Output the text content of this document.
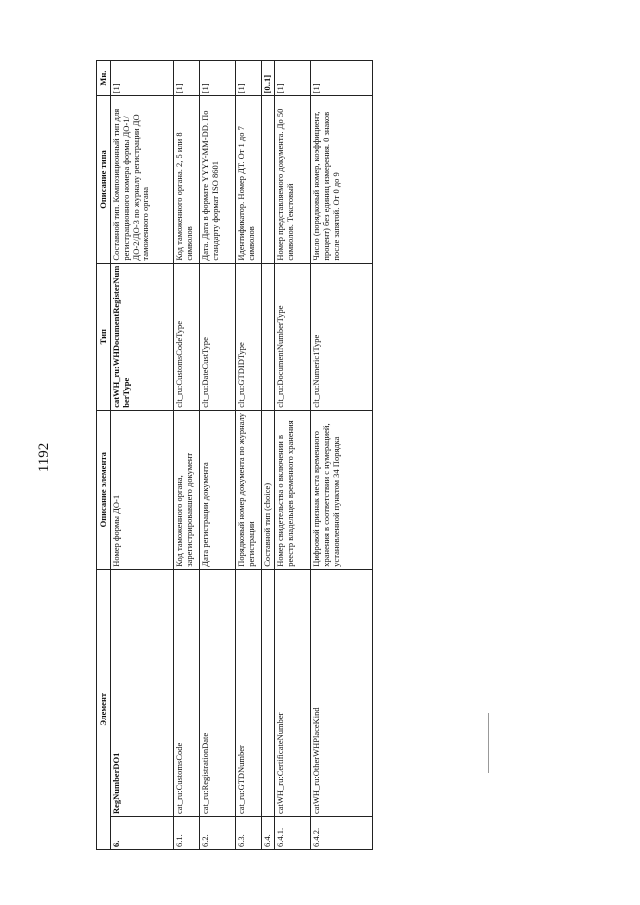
1192
Элемент		Описание элемента	Тип	Описание типа	Мн.
6.	RegNumberDO1	Номер формы ДО-1	catWH_ru:WHDocumentRegisterNumberType	Составной тип. Композиционный тип для регистрационного номера формы ДО-1/ДО-2/ДО-3 по журналу регистрации ДО таможенного органа	[1]
6.1.	cat_ru:CustomsCode	Код таможенного органа, зарегистрировавшего документ	clt_ru:CustomsCodeType	Код таможенного органа. 2, 5 или 8 символов	[1]
6.2.	cat_ru:RegistrationDate	Дата регистрации документа	clt_ru:DateCustType	Дата. Дата в формате YYYY-MM-DD. По стандарту формат ISO 8601	[1]
6.3.	cat_ru:GTDNumber	Порядковый номер документа по журналу регистрации	clt_ru:GTDIDType	Идентификатор. Номер ДТ. От 1 до 7 символов	[1]
6.4.		Составной тип (choice)			[0..1]
6.4.1.	catWH_ru:CertificateNumber	Номер свидетельства о включении в реестр владельцев временного хранения	clt_ru:DocumentNumberType	Номер представляемого документа. До 50 символов. Текстовый	[1]
6.4.2.	catWH_ru:OtherWHPlaceKind	Цифровой признак места временного хранения в соответствии с нумерацией, установленной пунктом 34 Порядка	clt_ru:Numeric1Type	Число (порядковый номер, коэффициент, процент) без единиц измерения. 0 знаков после запятой. От 0 до 9	[1]
